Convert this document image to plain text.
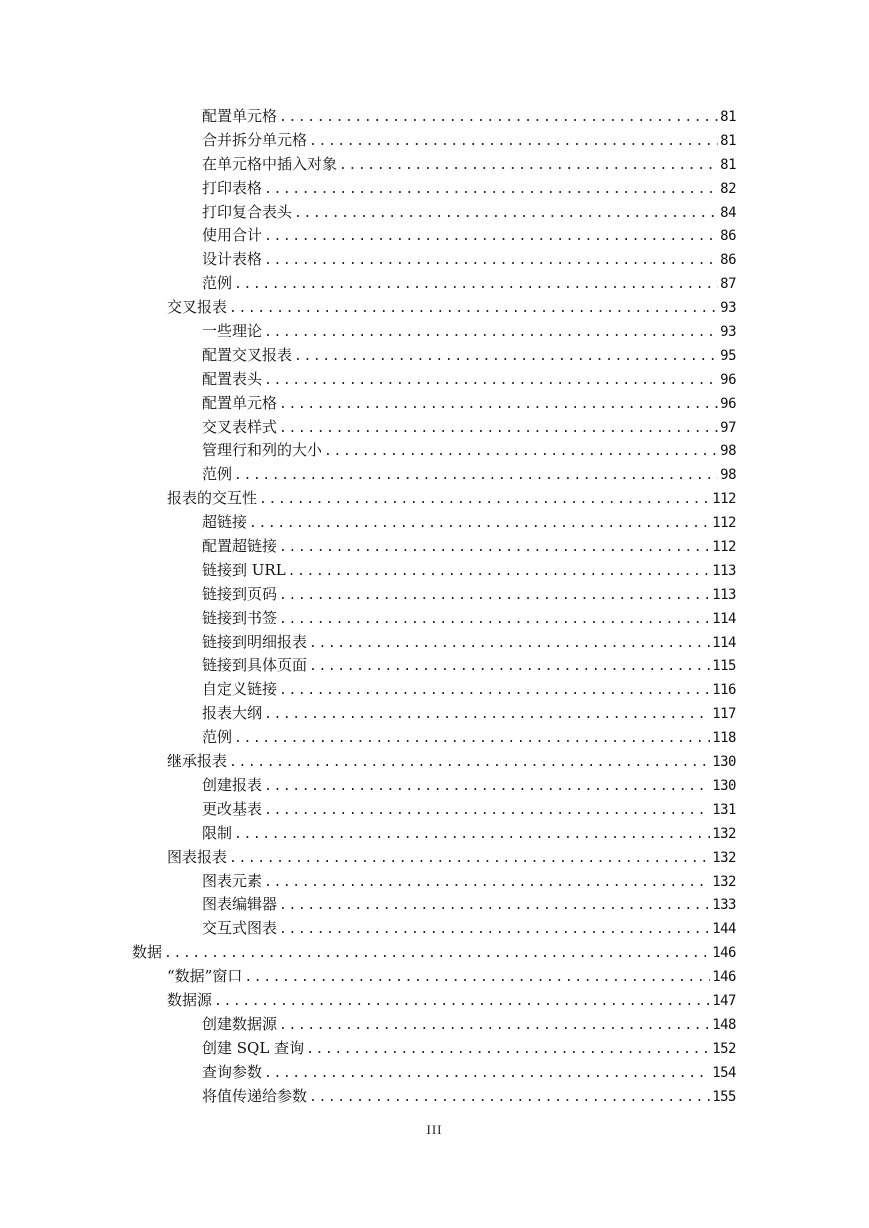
配置单元格 .....	81
合并拆分单元格 .....	81
在单元格中插入对象 .....	81
打印表格 .....	82
打印复合表头 .....	84
使用合计 .....	86
设计表格 .....	86
范例 .....	87
交叉报表 .....	93
一些理论 .....	93
配置交叉报表 .....	95
配置表头 .....	96
配置单元格 .....	96
交叉表样式 .....	97
管理行和列的大小 .....	98
范例 .....	98
报表的交互性 .....	112
超链接 .....	112
配置超链接 .....	112
链接到 URL .....	113
链接到页码 .....	113
链接到书签 .....	114
链接到明细报表 .....	114
链接到具体页面 .....	115
自定义链接 .....	116
报表大纲 .....	117
范例 .....	118
继承报表 .....	130
创建报表 .....	130
更改基表 .....	131
限制 .....	132
图表报表 .....	132
图表元素 .....	132
图表编辑器 .....	133
交互式图表 .....	144
数据 .....	146
“数据”窗口 .....	146
数据源 .....	147
创建数据源 .....	148
创建 SQL 查询 .....	152
查询参数 .....	154
将值传递给参数 .....	155
III
